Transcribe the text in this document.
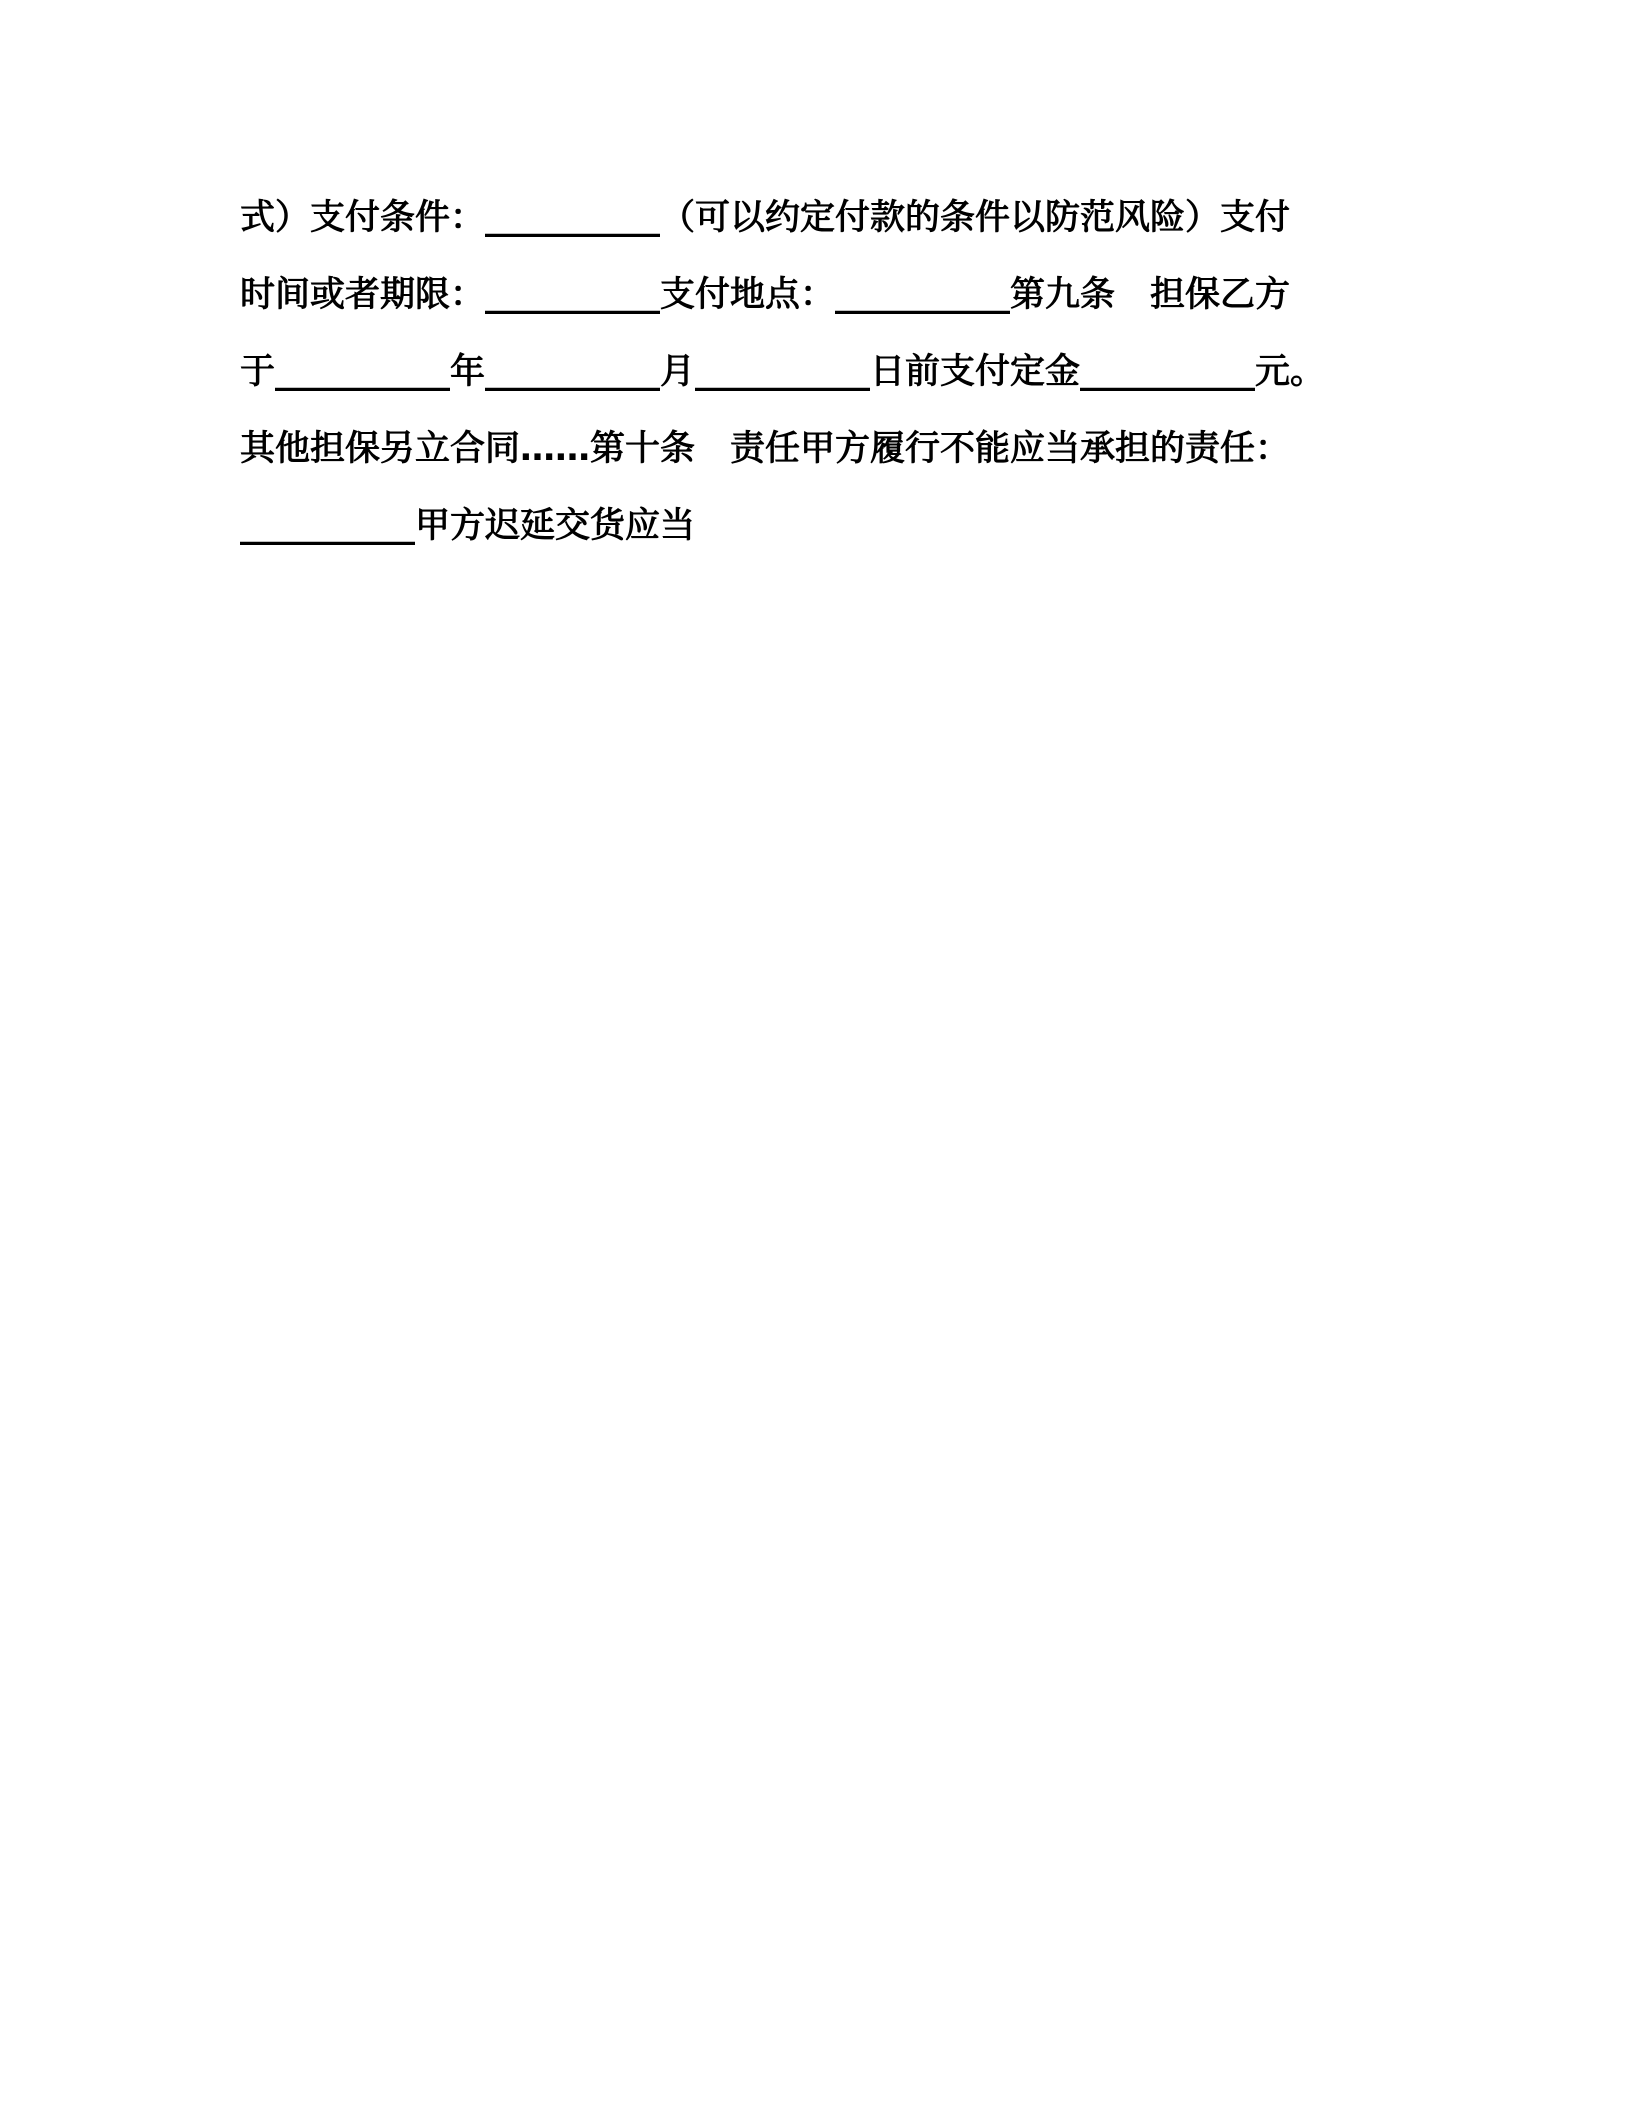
式）支付条件：__________（可以约定付款的条件以防范风险）支付
时间或者期限：__________支付地点：__________第九条　担保乙方
于__________年__________月__________日前支付定金__________元。
其他担保另立合同……第十条　责任甲方履行不能应当承担的责任：
__________甲方迟延交货应当
